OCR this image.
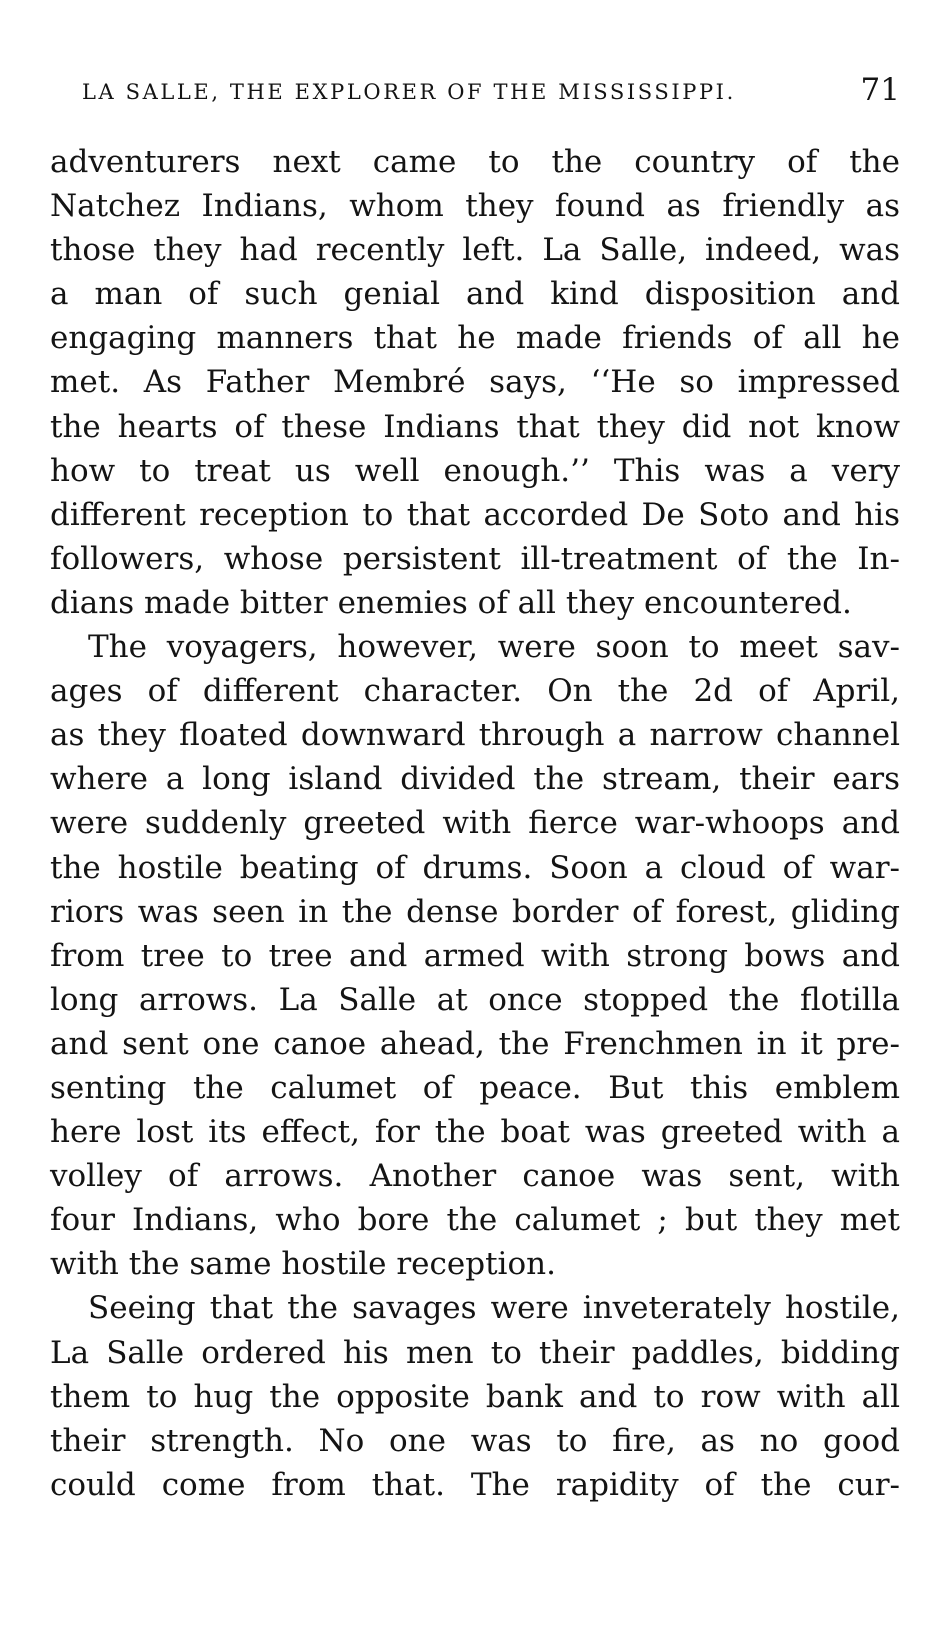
LA SALLE, THE EXPLORER OF THE MISSISSIPPI.	71
adventurers next came to the country of the
Natchez Indians, whom they found as friendly as
those they had recently left. La Salle, indeed, was
a man of such genial and kind disposition and
engaging manners that he made friends of all he
met. As Father Membré says, ‘‘He so impressed
the hearts of these Indians that they did not know
how to treat us well enough.’’ This was a very
different reception to that accorded De Soto and his
followers, whose persistent ill-treatment of the In-
dians made bitter enemies of all they encountered.
The voyagers, however, were soon to meet sav-
ages of different character. On the 2d of April,
as they floated downward through a narrow channel
where a long island divided the stream, their ears
were suddenly greeted with fierce war-whoops and
the hostile beating of drums. Soon a cloud of war-
riors was seen in the dense border of forest, gliding
from tree to tree and armed with strong bows and
long arrows. La Salle at once stopped the flotilla
and sent one canoe ahead, the Frenchmen in it pre-
senting the calumet of peace. But this emblem
here lost its effect, for the boat was greeted with a
volley of arrows. Another canoe was sent, with
four Indians, who bore the calumet ; but they met
with the same hostile reception.
Seeing that the savages were inveterately hostile,
La Salle ordered his men to their paddles, bidding
them to hug the opposite bank and to row with all
their strength. No one was to fire, as no good
could come from that. The rapidity of the cur-
